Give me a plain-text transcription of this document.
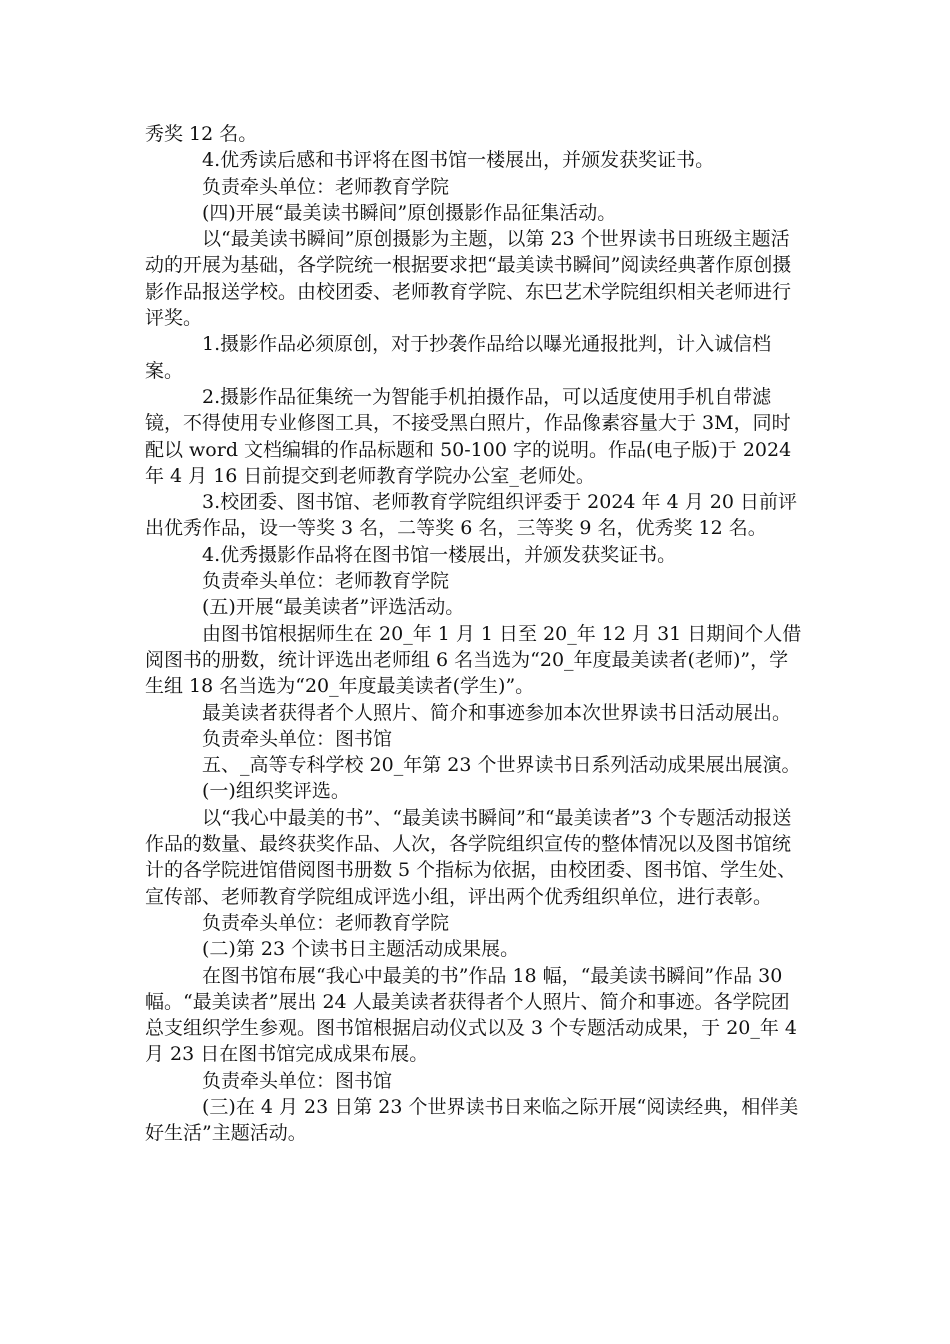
秀奖 12 名。

4.优秀读后感和书评将在图书馆一楼展出，并颁发获奖证书。

负责牵头单位：老师教育学院

(四)开展“最美读书瞬间”原创摄影作品征集活动。

以“最美读书瞬间”原创摄影为主题，以第 23 个世界读书日班级主题活动的开展为基础，各学院统一根据要求把“最美读书瞬间”阅读经典著作原创摄影作品报送学校。由校团委、老师教育学院、东巴艺术学院组织相关老师进行评奖。

1.摄影作品必须原创，对于抄袭作品给以曝光通报批判，计入诚信档案。

2.摄影作品征集统一为智能手机拍摄作品，可以适度使用手机自带滤镜，不得使用专业修图工具，不接受黑白照片，作品像素容量大于 3M，同时配以 word 文档编辑的作品标题和 50-100 字的说明。作品(电子版)于 2024 年 4 月 16 日前提交到老师教育学院办公室_老师处。

3.校团委、图书馆、老师教育学院组织评委于 2024 年 4 月 20 日前评出优秀作品，设一等奖 3 名，二等奖 6 名，三等奖 9 名，优秀奖 12 名。

4.优秀摄影作品将在图书馆一楼展出，并颁发获奖证书。

负责牵头单位：老师教育学院

(五)开展“最美读者”评选活动。

由图书馆根据师生在 20_年 1 月 1 日至 20_年 12 月 31 日期间个人借阅图书的册数，统计评选出老师组 6 名当选为“20_年度最美读者(老师)”，学生组 18 名当选为“20_年度最美读者(学生)”。

最美读者获得者个人照片、简介和事迹参加本次世界读书日活动展出。

负责牵头单位：图书馆

五、_高等专科学校 20_年第 23 个世界读书日系列活动成果展出展演。

(一)组织奖评选。

以“我心中最美的书”、“最美读书瞬间”和“最美读者”3 个专题活动报送作品的数量、最终获奖作品、人次，各学院组织宣传的整体情况以及图书馆统计的各学院进馆借阅图书册数 5 个指标为依据，由校团委、图书馆、学生处、宣传部、老师教育学院组成评选小组，评出两个优秀组织单位，进行表彰。

负责牵头单位：老师教育学院

(二)第 23 个读书日主题活动成果展。

在图书馆布展“我心中最美的书”作品 18 幅，“最美读书瞬间”作品 30 幅。“最美读者”展出 24 人最美读者获得者个人照片、简介和事迹。各学院团总支组织学生参观。图书馆根据启动仪式以及 3 个专题活动成果，于 20_年 4 月 23 日在图书馆完成成果布展。

负责牵头单位：图书馆

(三)在 4 月 23 日第 23 个世界读书日来临之际开展“阅读经典，相伴美好生活”主题活动。
